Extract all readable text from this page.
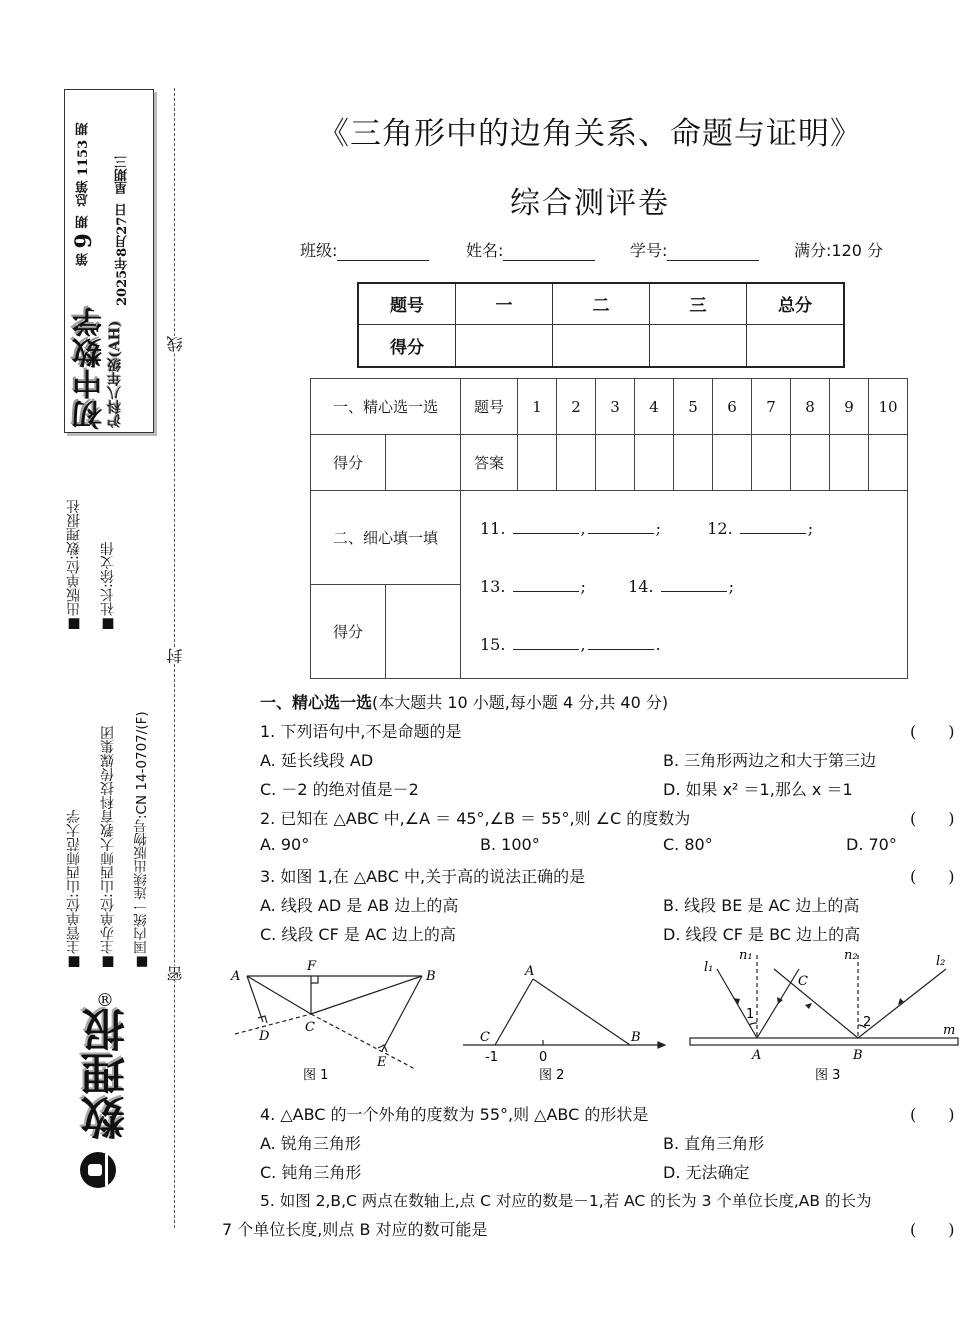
第 9 期  总第 1153 期
2025年8月27日  星期三
初中数学 沪科八年级(AH)
■出版单位:数理报社 ■社长:徐文伟
■主管单位:山西师范大学 ■主办单位:山西师大教育科技传媒集团 ■国内统一连续出版物号:CN 14-0707/(F)
数理报
®
线
封
密
《三角形中的边角关系、命题与证明》
综合测评卷
班级:	姓名:	学号:	满分:120 分
题号	一	二	三	总分
得分				
一、精心选一选		题号	1	2	3	4	5	6	7	8	9	10
得分		答案										
二、细心填一填												
得分												
11.	,	;	12.	;
13.	;	14.	;
15.	,	.
一、精心选一选(本大题共 10 小题,每小题 4 分,共 40 分)
1. 下列语句中,不是命题的是	(　　)
A. 延长线段 AD	B. 三角形两边之和大于第三边
C. －2 的绝对值是－2	D. 如果 x² ＝1,那么 x ＝1
2. 已知在 △ABC 中,∠A ＝ 45°,∠B ＝ 55°,则 ∠C 的度数为	(　　)
A. 90°	B. 100°	C. 80°	D. 70°
3. 如图 1,在 △ABC 中,关于高的说法正确的是	(　　)
A. 线段 AD 是 AB 边上的高	B. 线段 BE 是 AC 边上的高
C. 线段 CF 是 AC 边上的高	D. 线段 CF 是 BC 边上的高
A	B
C
D
E
F
图 1
A
B
C
-1	0
图 2
l₁	l₂
n₁	n₂
C
m
1
2
A	B
图 3
4. △ABC 的一个外角的度数为 55°,则 △ABC 的形状是	(　　)
A. 锐角三角形	B. 直角三角形
C. 钝角三角形	D. 无法确定
5. 如图 2,B,C 两点在数轴上,点 C 对应的数是－1,若 AC 的长为 3 个单位长度,AB 的长为
7 个单位长度,则点 B 对应的数可能是	(　　)
